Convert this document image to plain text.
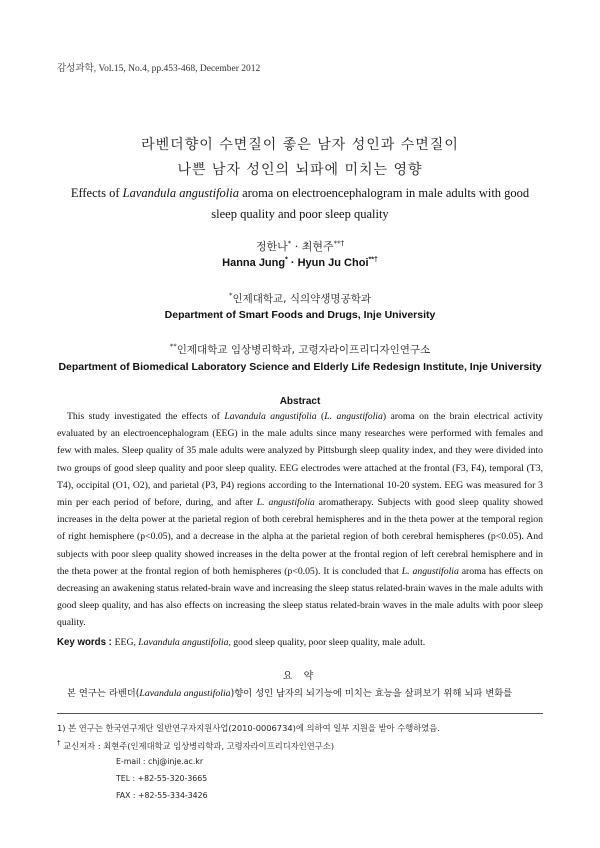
감성과학, Vol.15, No.4, pp.453-468, December 2012
라벤더향이 수면질이 좋은 남자 성인과 수면질이
나쁜 남자 성인의 뇌파에 미치는 영향
Effects of Lavandula angustifolia aroma on electroencephalogram in male adults with good sleep quality and poor sleep quality
정한나* · 최현주**†
Hanna Jung* · Hyun Ju Choi**†
*인제대학교, 식의약생명공학과
Department of Smart Foods and Drugs, Inje University
**인제대학교 임상병리학과, 고령자라이프리디자인연구소
Department of Biomedical Laboratory Science and Elderly Life Redesign Institute, Inje University
Abstract

This study investigated the effects of Lavandula angustifolia (L. angustifolia) aroma on the brain electrical activity evaluated by an electroencephalogram (EEG) in the male adults since many researches were performed with females and few with males. Sleep quality of 35 male adults were analyzed by Pittsburgh sleep quality index, and they were divided into two groups of good sleep quality and poor sleep quality. EEG electrodes were attached at the frontal (F3, F4), temporal (T3, T4), occipital (O1, O2), and parietal (P3, P4) regions according to the International 10-20 system. EEG was measured for 3 min per each period of before, during, and after L. angustifolia aromatherapy. Subjects with good sleep quality showed increases in the delta power at the parietal region of both cerebral hemispheres and in the theta power at the temporal region of right hemisphere (p<0.05), and a decrease in the alpha at the parietal region of both cerebral hemispheres (p<0.05). And subjects with poor sleep quality showed increases in the delta power at the frontal region of left cerebral hemisphere and in the theta power at the frontal region of both hemispheres (p<0.05). It is concluded that L. angustifolia aroma has effects on decreasing an awakening status related-brain wave and increasing the sleep status related-brain waves in the male adults with good sleep quality, and has also effects on increasing the sleep status related-brain waves in the male adults with poor sleep quality.

Key words : EEG, Lavandula angustifolia, good sleep quality, poor sleep quality, male adult.
요 약
본 연구는 라벤더(Lavandula angustifolia)향이 성인 남자의 뇌기능에 미치는 효능을 살펴보기 위해 뇌파 변화를
1) 본 연구는 한국연구재단 일반연구자지원사업(2010-0006734)에 의하여 일부 지원을 받아 수행하였음.
† 교신저자 : 최현주(인제대학교 임상병리학과, 고령자라이프리디자인연구소)
E-mail : chj@inje.ac.kr
TEL : +82-55-320-3665
FAX : +82-55-334-3426
